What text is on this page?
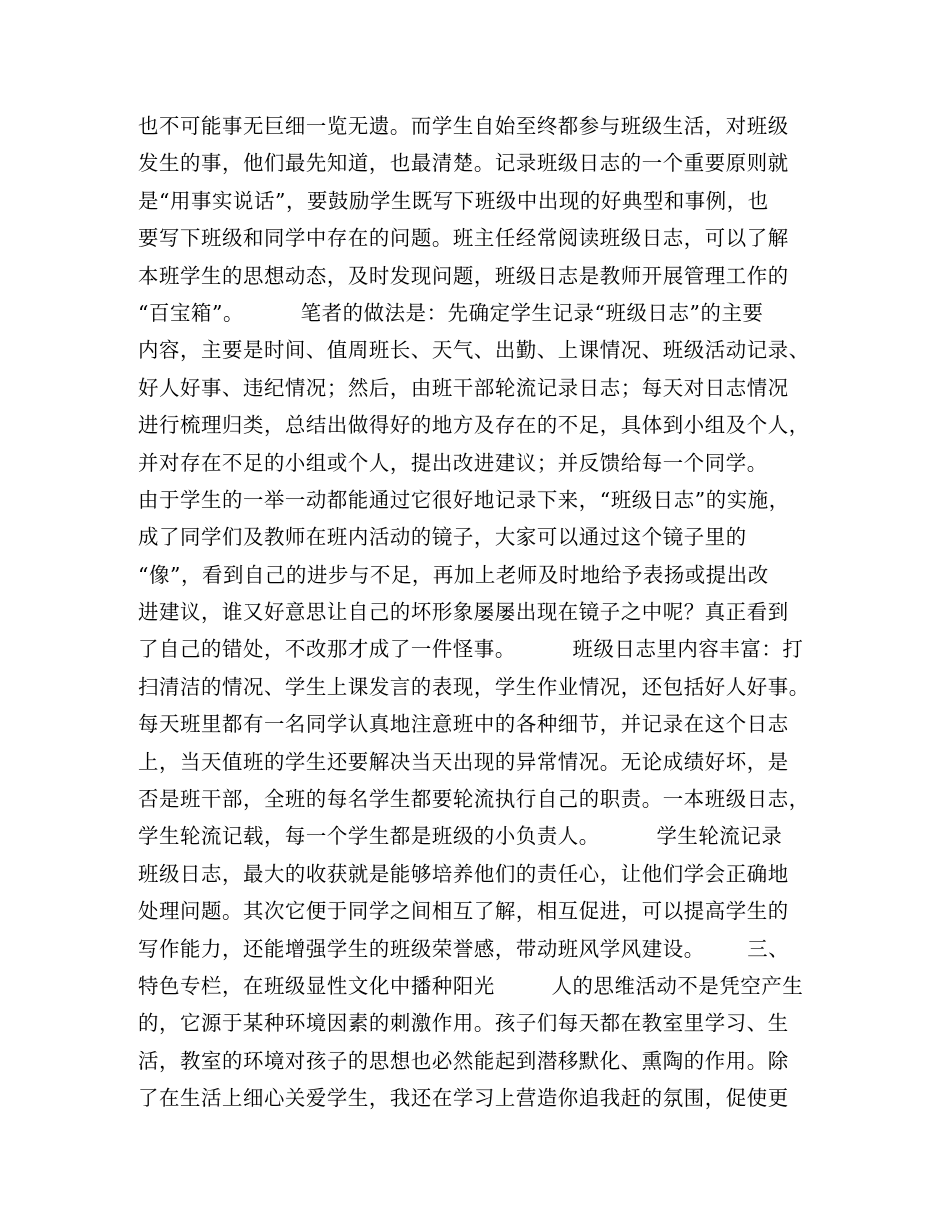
也不可能事无巨细一览无遗。而学生自始至终都参与班级生活，对班级
发生的事，他们最先知道，也最清楚。记录班级日志的一个重要原则就
是“用事实说话”，要鼓励学生既写下班级中出现的好典型和事例，也
要写下班级和同学中存在的问题。班主任经常阅读班级日志，可以了解
本班学生的思想动态，及时发现问题，班级日志是教师开展管理工作的
“百宝箱”。        笔者的做法是：先确定学生记录“班级日志”的主要
内容，主要是时间、值周班长、天气、出勤、上课情况、班级活动记录、
好人好事、违纪情况；然后，由班干部轮流记录日志；每天对日志情况
进行梳理归类，总结出做得好的地方及存在的不足，具体到小组及个人，
并对存在不足的小组或个人，提出改进建议；并反馈给每一个同学。
由于学生的一举一动都能通过它很好地记录下来，“班级日志”的实施，
成了同学们及教师在班内活动的镜子，大家可以通过这个镜子里的
“像”，看到自己的进步与不足，再加上老师及时地给予表扬或提出改
进建议，谁又好意思让自己的坏形象屡屡出现在镜子之中呢？真正看到
了自己的错处，不改那才成了一件怪事。        班级日志里内容丰富：打
扫清洁的情况、学生上课发言的表现，学生作业情况，还包括好人好事。
每天班里都有一名同学认真地注意班中的各种细节，并记录在这个日志
上，当天值班的学生还要解决当天出现的异常情况。无论成绩好坏，是
否是班干部，全班的每名学生都要轮流执行自己的职责。一本班级日志，
学生轮流记载，每一个学生都是班级的小负责人。        学生轮流记录
班级日志，最大的收获就是能够培养他们的责任心，让他们学会正确地
处理问题。其次它便于同学之间相互了解，相互促进，可以提高学生的
写作能力，还能增强学生的班级荣誉感，带动班风学风建设。      三、
特色专栏，在班级显性文化中播种阳光        人的思维活动不是凭空产生
的，它源于某种环境因素的刺激作用。孩子们每天都在教室里学习、生
活，教室的环境对孩子的思想也必然能起到潜移默化、熏陶的作用。除
了在生活上细心关爱学生，我还在学习上营造你追我赶的氛围，促使更
